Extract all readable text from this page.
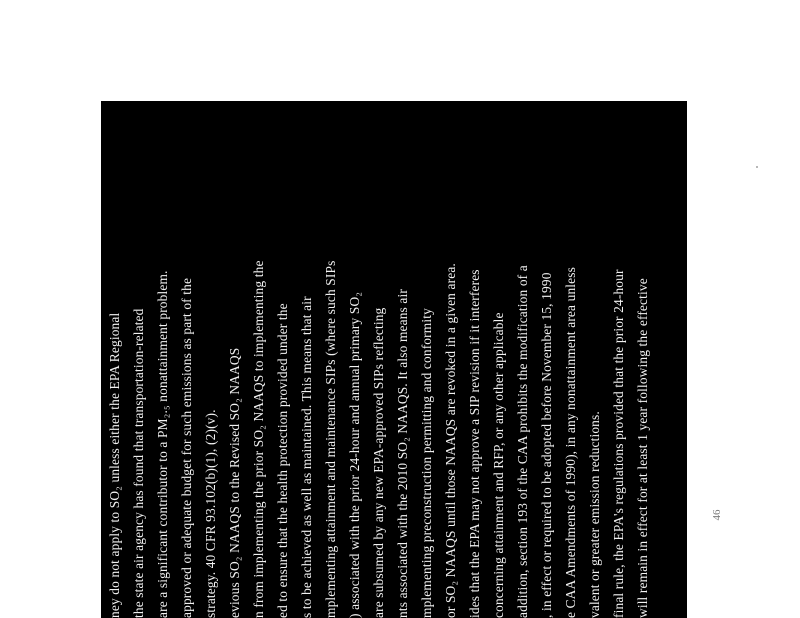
ney do not apply to SO₂ unless either the EPA Regional the state air agency has found that transportation-related are a significant contributor to a PM₂.₅ nonattainment problem. approved or adequate budget for such emissions as part of the strategy. 40 CFR 93.102(b)(1), (2)(v). evious SO₂ NAAQS to the Revised SO₂ NAAQS n from implementing the prior SO₂ NAAQS to implementing the ed to ensure that the health protection provided under the s to be achieved as well as maintained. This means that air mplementing attainment and maintenance SIPs (where such SIPs ) associated with the prior 24-hour and annual primary SO₂ are subsumed by any new EPA-approved SIPs reflecting nts associated with the 2010 SO₂ NAAQS. It also means air mplementing preconstruction permitting and conformity or SO₂ NAAQS until those NAAQS are revoked in a given area. ides that the EPA may not approve a SIP revision if it interferes concerning attainment and RFP, or any other applicable addition, section 193 of the CAA prohibits the modification of a , in effect or required to be adopted before November 15, 1990 e CAA Amendments of 1990), in any nonattainment area unless valent or greater emission reductions. final rule, the EPA's regulations provided that the prior 24-hour will remain in effect for at least 1 year following the effective	46
